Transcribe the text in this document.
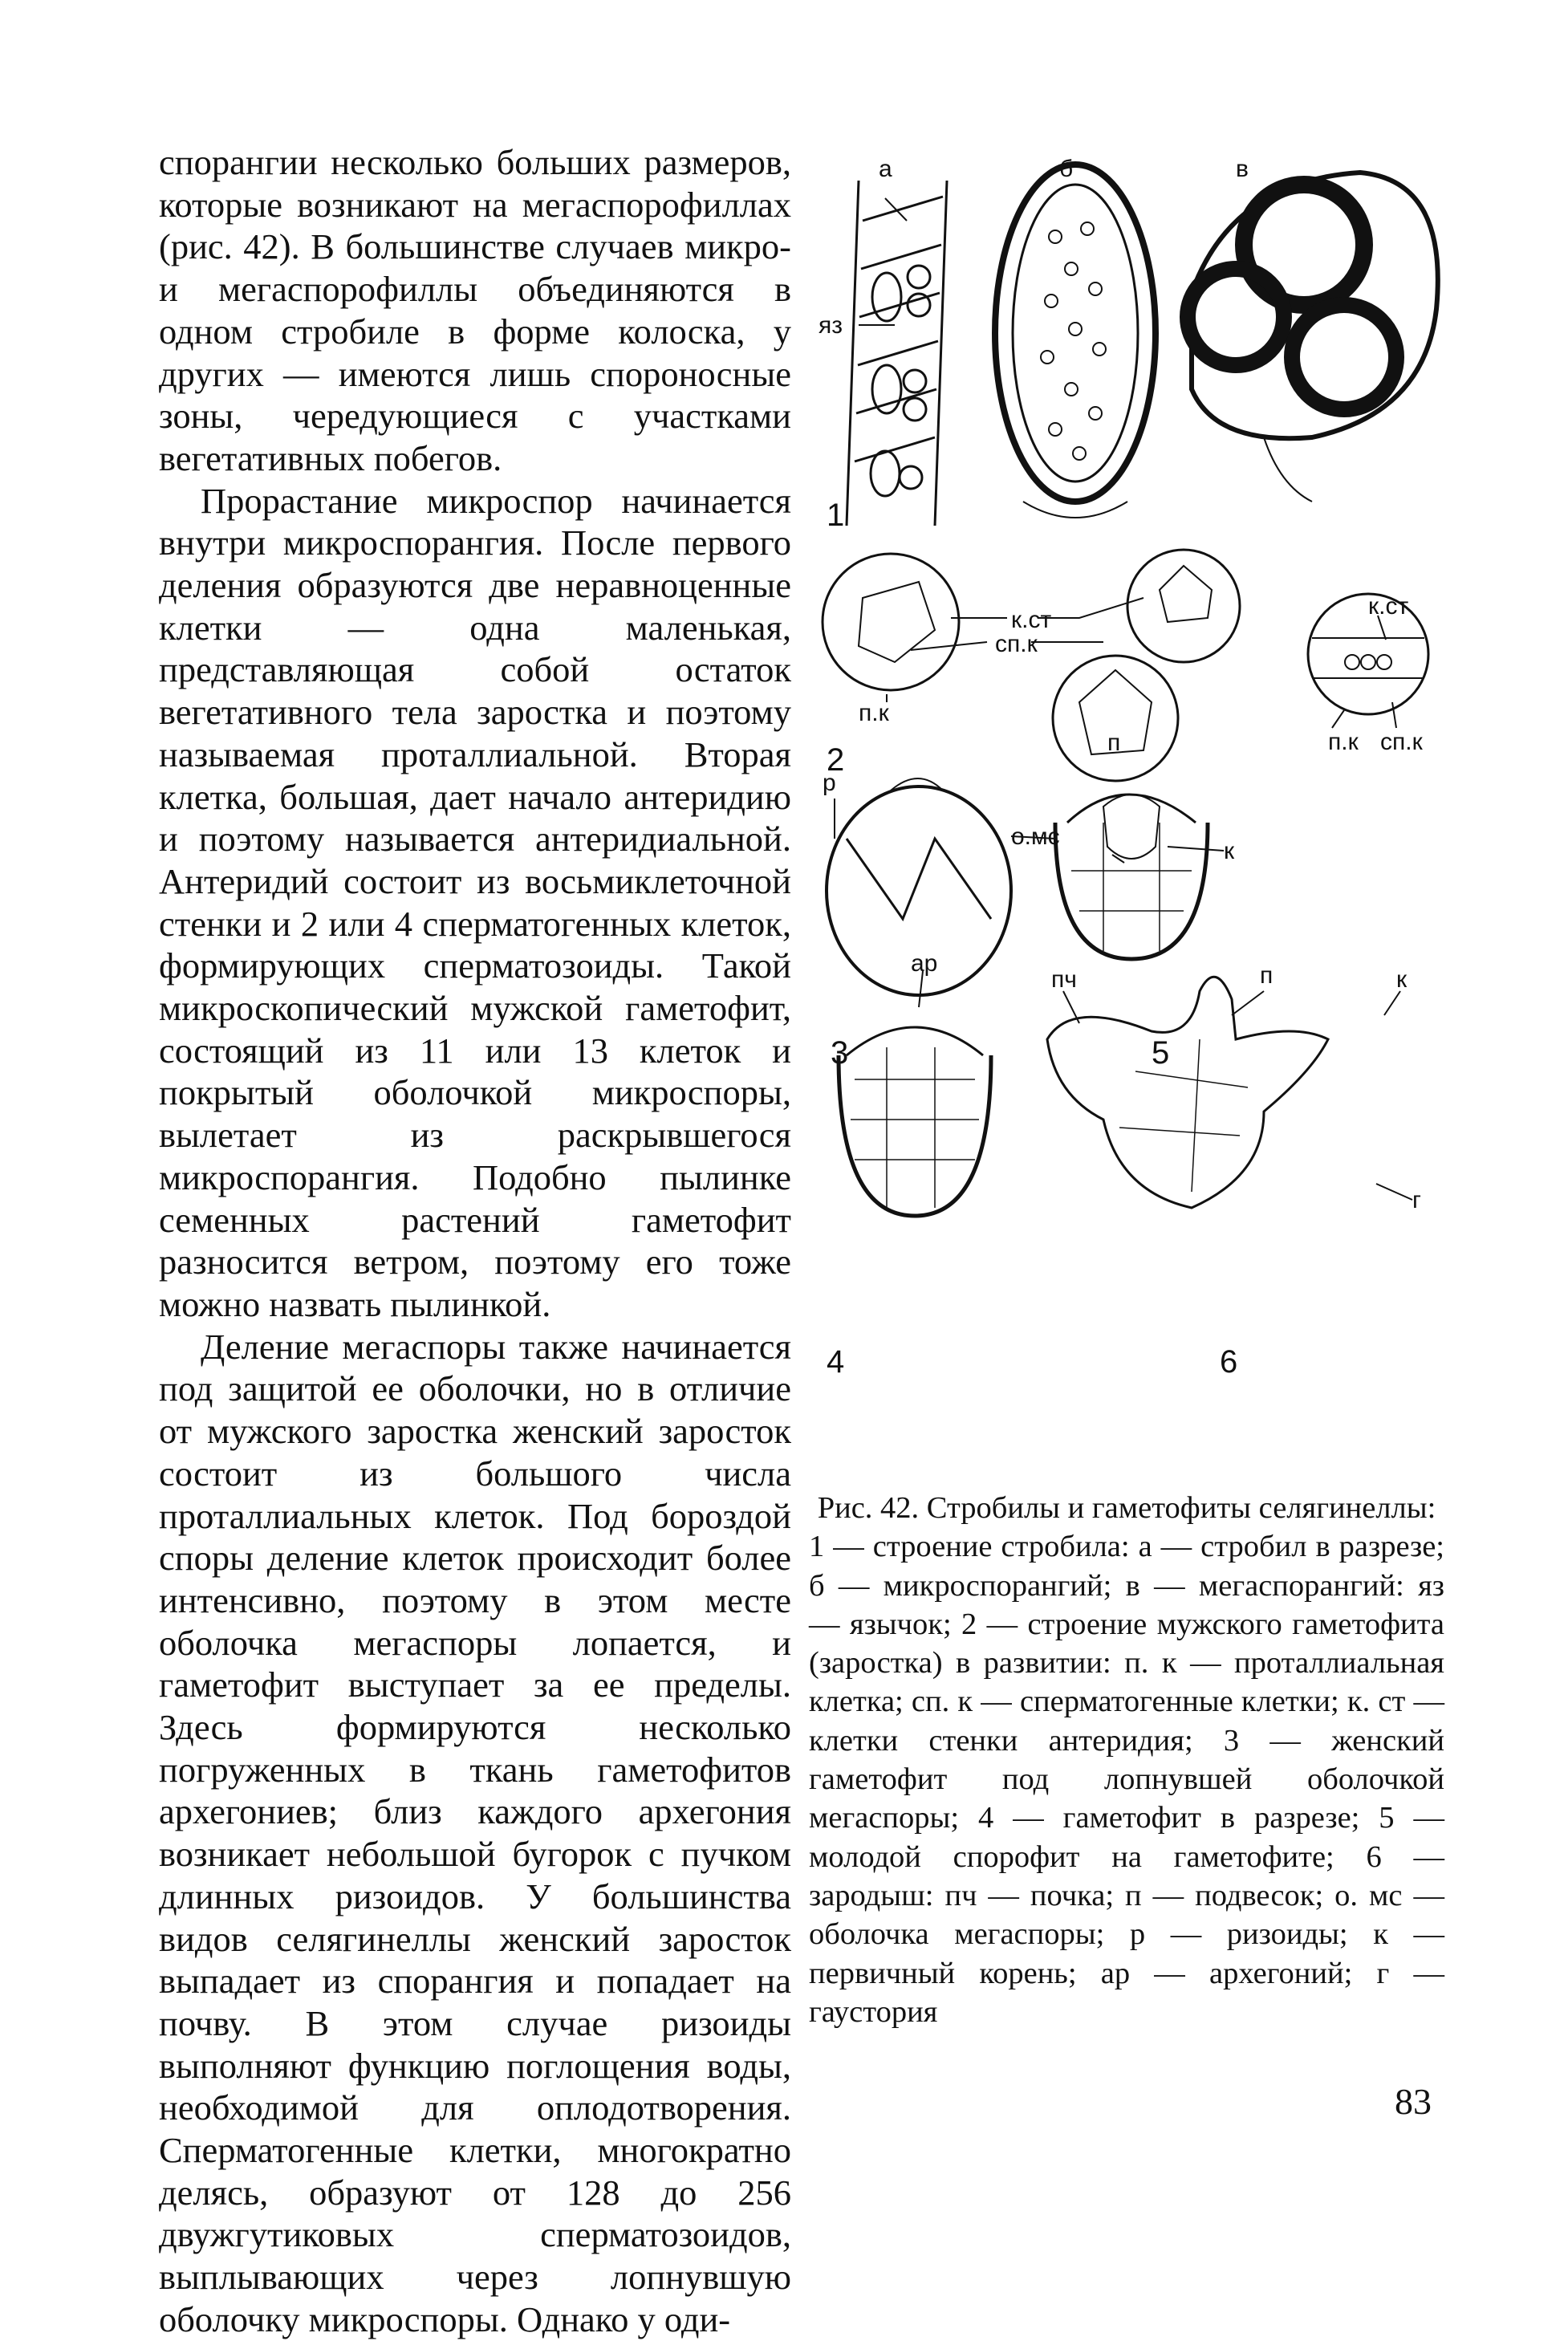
спорангии несколько больших размеров, которые возникают на мегаспорофиллах (рис. 42). В большинстве случаев микро- и мегаспорофиллы объединяются в одном стробиле в форме колоска, у других — имеются лишь спороносные зоны, чередующиеся с участками вегетативных побегов.

Прорастание микроспор начинается внутри микроспорангия. После первого деления образуются две неравноценные клетки — одна маленькая, представляющая собой остаток вегетативного тела заростка и поэтому называемая проталлиальной. Вторая клетка, большая, дает начало антеридию и поэтому называется антеридиальной. Антеридий состоит из восьмиклеточной стенки и 2 или 4 сперматогенных клеток, формирующих сперматозоиды. Такой микроскопический мужской гаметофит, состоящий из 11 или 13 клеток и покрытый оболочкой микроспоры, вылетает из раскрывшегося микроспорангия. Подобно пылинке семенных растений гаметофит разносится ветром, поэтому его тоже можно назвать пылинкой.

Деление мегаспоры также начинается под защитой ее оболочки, но в отличие от мужского заростка женский заросток состоит из большого числа проталлиальных клеток. Под бороздой споры деление клеток происходит более интенсивно, поэтому в этом месте оболочка мегаспоры лопается, и гаметофит выступает за ее пределы. Здесь формируются несколько погруженных в ткань гаметофитов архегониев; близ каждого архегония возникает небольшой бугорок с пучком длинных ризоидов. У большинства видов селягинеллы женский заросток выпадает из спорангия и попадает на почву. В этом случае ризоиды выполняют функцию поглощения воды, необходимой для оплодотворения. Сперматогенные клетки, многократно делясь, образуют от 128 до 256 двужгутиковых сперматозоидов, выплывающих через лопнувшую оболочку микроспоры. Однако у оди-

а	б	в
яз
к.ст
сп.к
п.к
к.ст
п.к сп.к
п
р
о.мс
к
ар
пч	п	к
г
1
2
3
4
5
6
Рис. 42. Стробилы и гаметофиты селягинеллы:
1 — строение стробила: а — стробил в разрезе; б — микроспорангий; в — мегаспорангий: яз — язычок; 2 — строение мужского гаметофита (заростка) в развитии: п. к — проталлиальная клетка; сп. к — сперматогенные клетки; к. ст — клетки стенки антеридия; 3 — женский гаметофит под лопнувшей оболочкой мегаспоры; 4 — гаметофит в разрезе; 5 — молодой спорофит на гаметофите; 6 — зародыш: пч — почка; п — подвесок; о. мс — оболочка мегаспоры; р — ризоиды; к — первичный корень; ар — архегоний; г — гаустория
83
